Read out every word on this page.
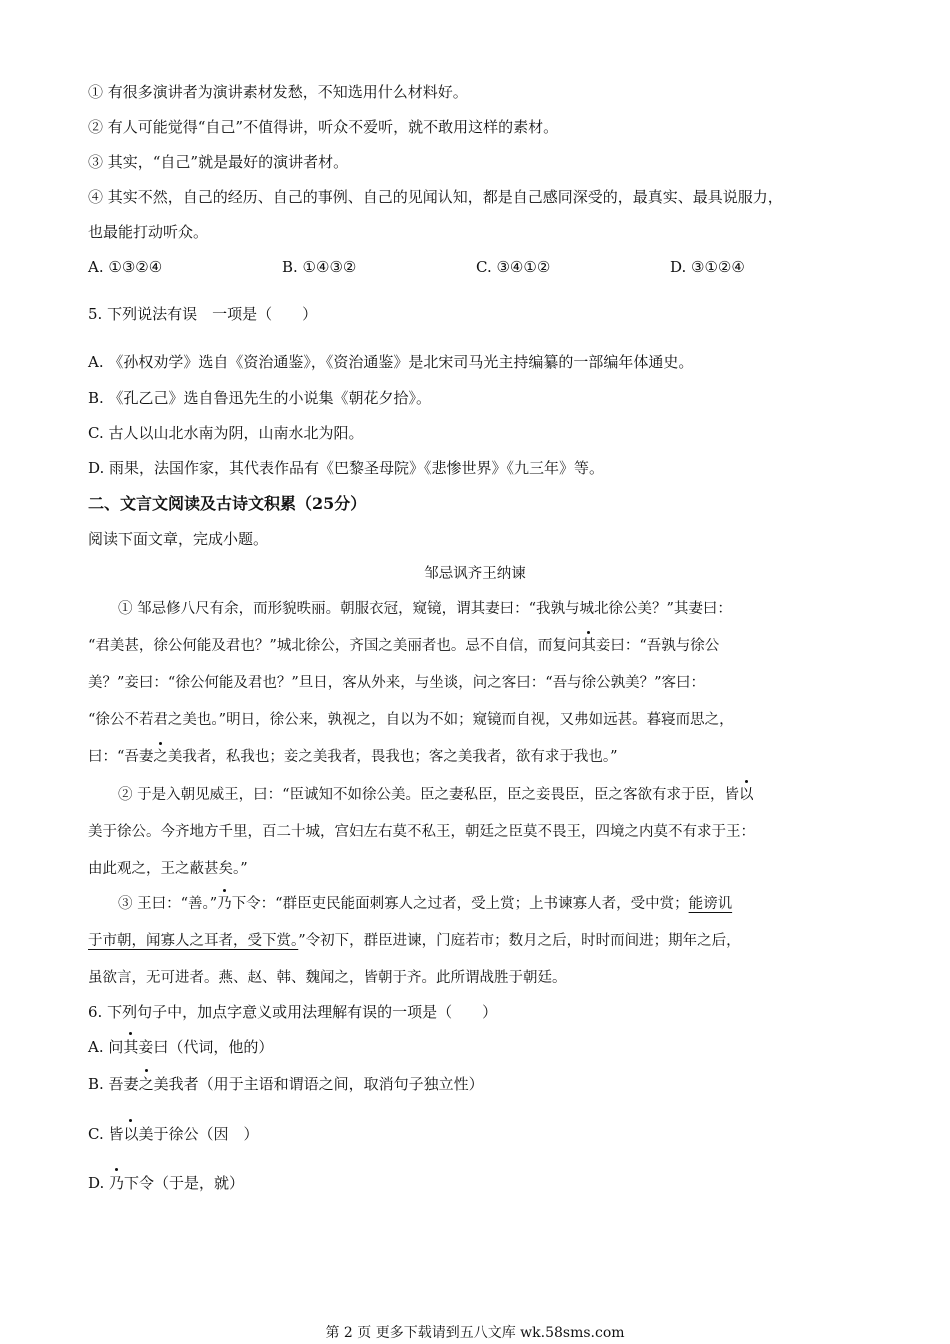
① 有很多演讲者为演讲素材发愁，不知选用什么材料好。
② 有人可能觉得“自己”不值得讲，听众不爱听，就不敢用这样的素材。
③ 其实，“自己”就是最好的演讲者材。
④ 其实不然，自己的经历、自己的事例、自己的见闻认知，都是自己感同深受的，最真实、最具说服力，
也最能打动听众。
A. ①③②④	B. ①④③②	C. ③④①②	D. ③①②④
5. 下列说法有误　一项是（　　）
A. 《孙权劝学》选自《资治通鉴》，《资治通鉴》是北宋司马光主持编纂的一部编年体通史。
B. 《孔乙己》选自鲁迅先生的小说集《朝花夕拾》。
C. 古人以山北水南为阴，山南水北为阳。
D. 雨果，法国作家，其代表作品有《巴黎圣母院》《悲惨世界》《九三年》等。
二、文言文阅读及古诗文积累（25分）
阅读下面文章，完成小题。
邹忌讽齐王纳谏
① 邹忌修八尺有余，而形貌昳丽。朝服衣冠，窥镜，谓其妻曰：“我孰与城北徐公美？”其妻曰：
“君美甚，徐公何能及君也？”城北徐公，齐国之美丽者也。忌不自信，而复问其妾曰：“吾孰与徐公
美？”妾曰：“徐公何能及君也？”旦日，客从外来，与坐谈，问之客曰：“吾与徐公孰美？”客曰：
“徐公不若君之美也。”明日，徐公来，孰视之，自以为不如；窥镜而自视，又弗如远甚。暮寝而思之，
曰：“吾妻之美我者，私我也；妾之美我者，畏我也；客之美我者，欲有求于我也。”
② 于是入朝见威王，曰：“臣诚知不如徐公美。臣之妻私臣，臣之妾畏臣，臣之客欲有求于臣，皆以
美于徐公。今齐地方千里，百二十城，宫妇左右莫不私王，朝廷之臣莫不畏王，四境之内莫不有求于王：
由此观之，王之蔽甚矣。”
③ 王曰：“善。”乃下令：“群臣吏民能面刺寡人之过者，受上赏；上书谏寡人者，受中赏；能谤讥
于市朝，闻寡人之耳者，受下赏。”令初下，群臣进谏，门庭若市；数月之后，时时而间进；期年之后，
虽欲言，无可进者。燕、赵、韩、魏闻之，皆朝于齐。此所谓战胜于朝廷。
6. 下列句子中，加点字意义或用法理解有误的一项是（　　）
A. 问其妾曰（代词，他的）
B. 吾妻之美我者（用于主语和谓语之间，取消句子独立性）
C. 皆以美于徐公（因　）
D. 乃下令（于是，就）
第 2 页 更多下载请到五八文库 wk.58sms.com
